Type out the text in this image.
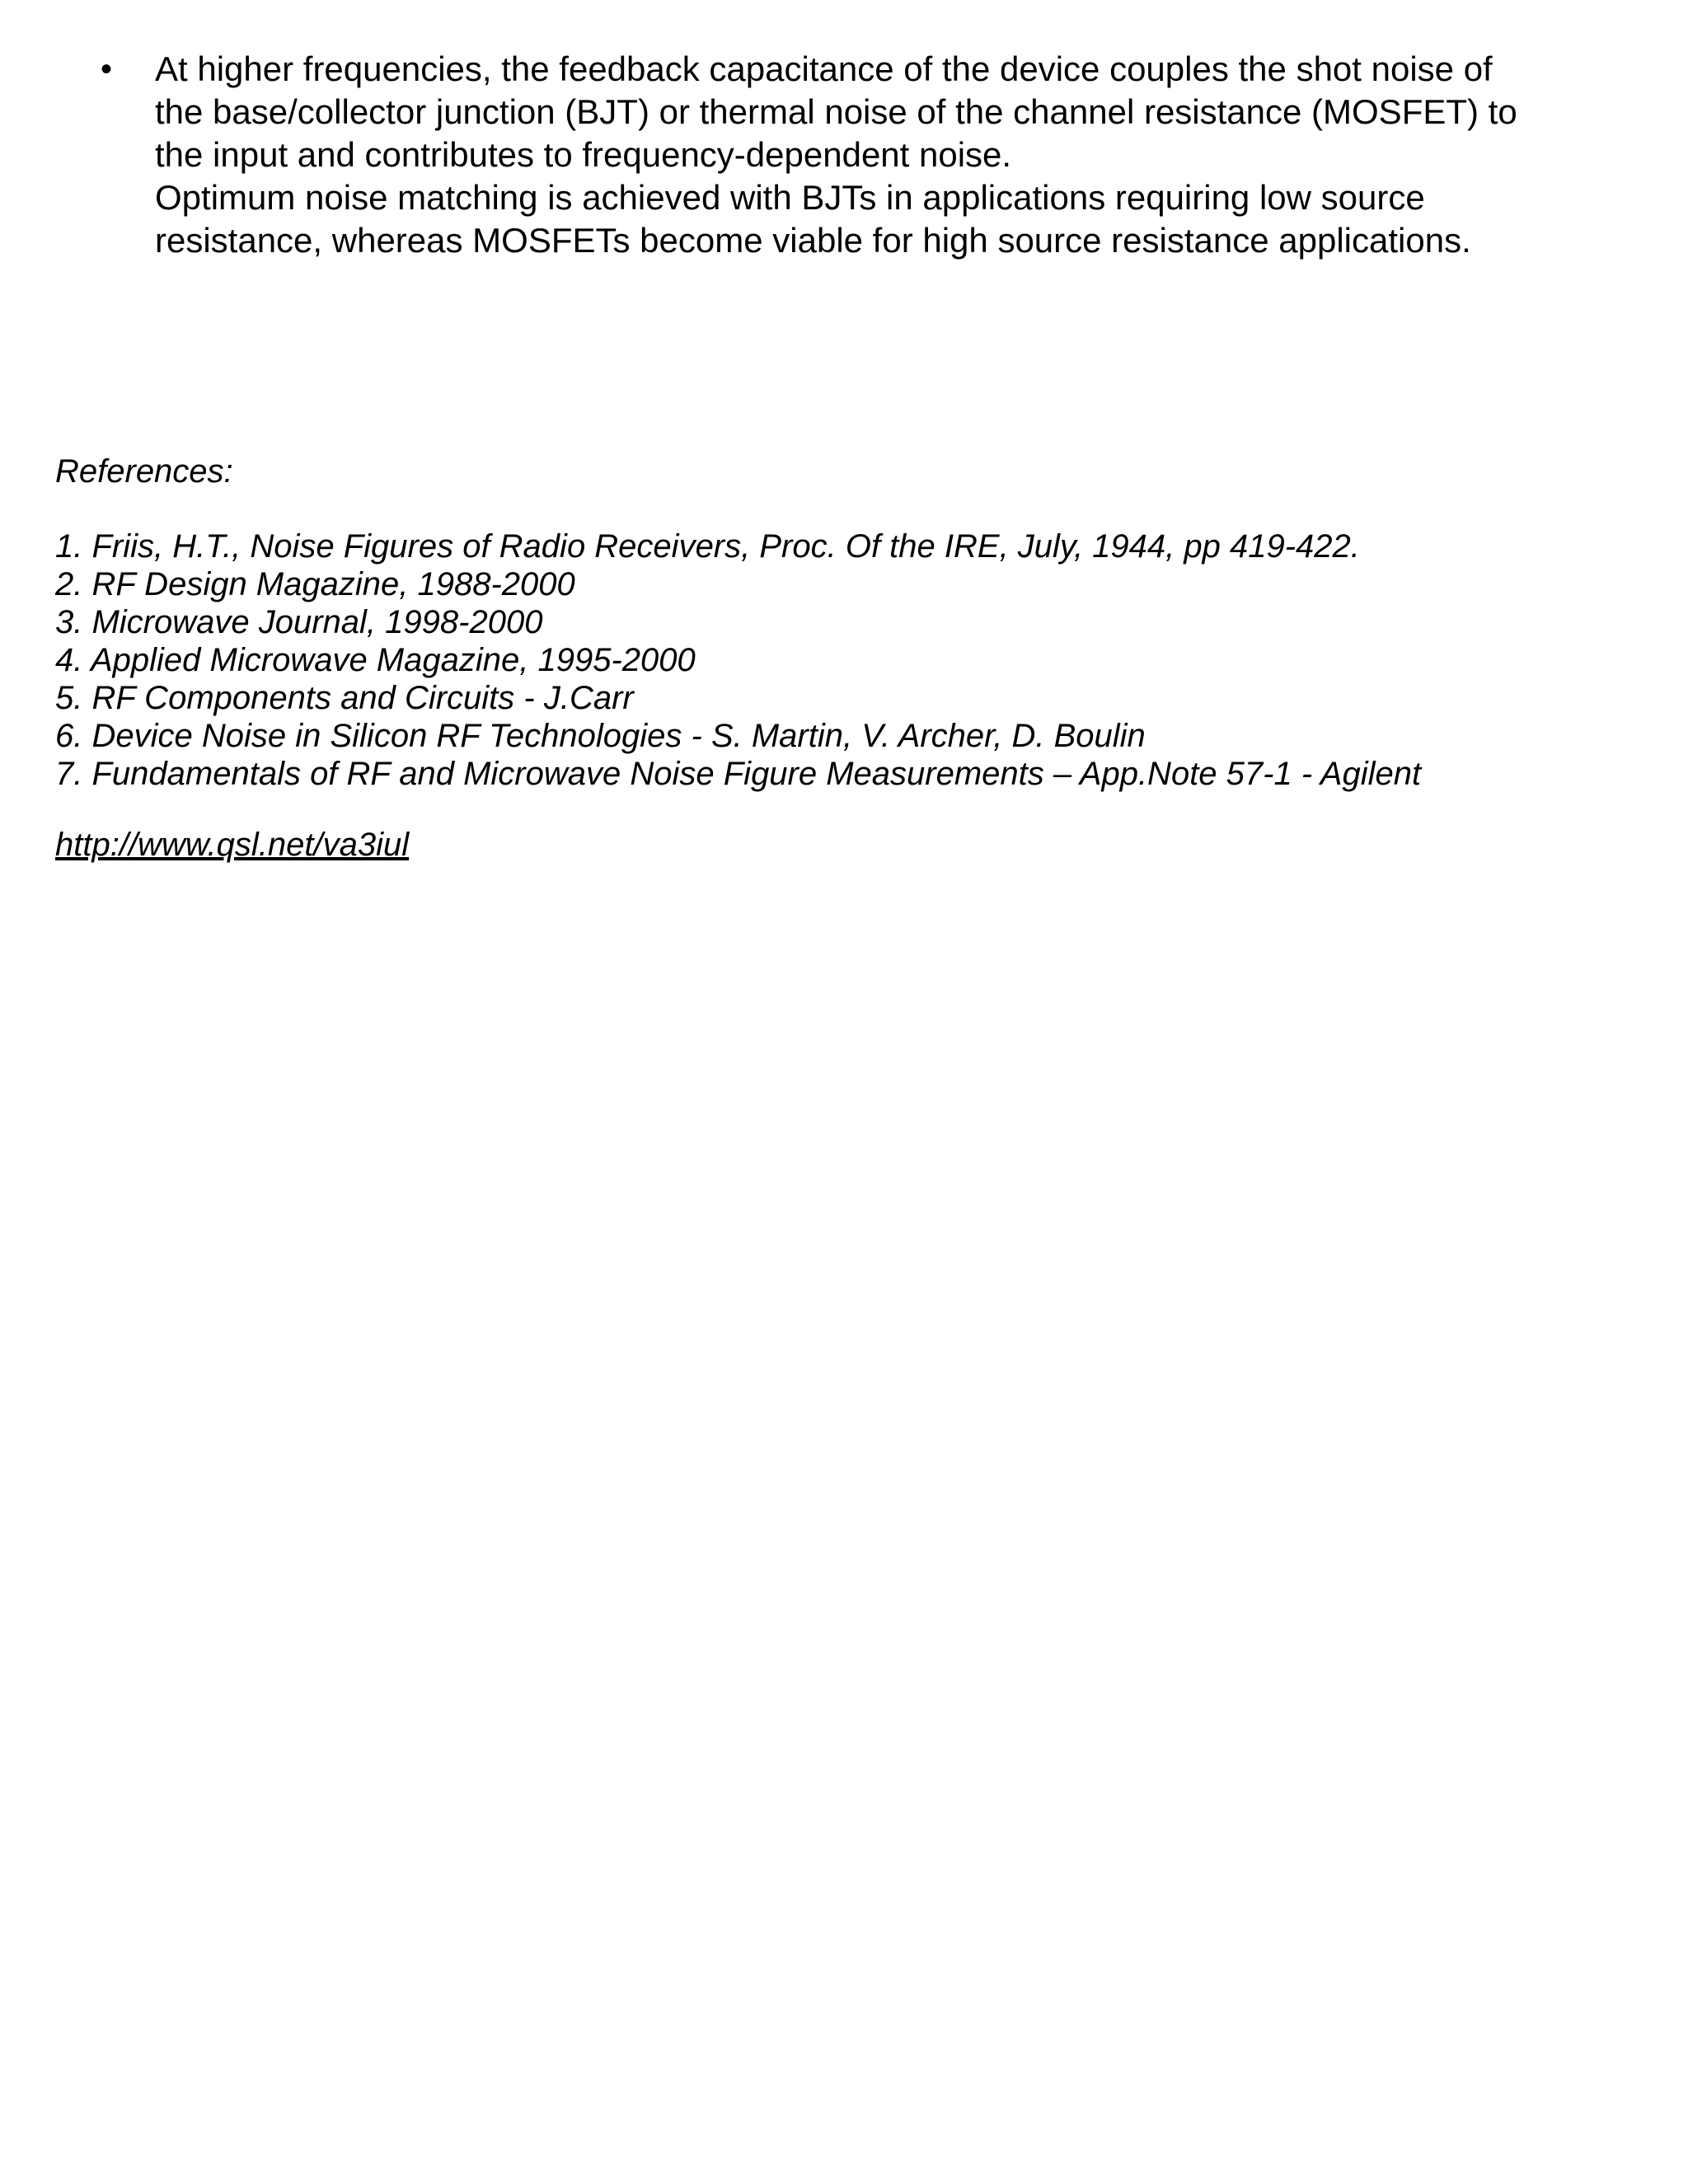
• At higher frequencies, the feedback capacitance of the device couples the shot noise of

the base/collector junction (BJT) or thermal noise of the channel resistance (MOSFET) to

the input and contributes to frequency-dependent noise.

Optimum noise matching is achieved with BJTs in applications requiring low source

resistance, whereas MOSFETs become viable for high source resistance applications.

References:

1. Friis, H.T., Noise Figures of Radio Receivers, Proc. Of the IRE, July, 1944, pp 419-422.
2. RF Design Magazine, 1988-2000
3. Microwave Journal, 1998-2000
4. Applied Microwave Magazine, 1995-2000
5. RF Components and Circuits - J.Carr
6. Device Noise in Silicon RF Technologies - S. Martin, V. Archer, D. Boulin
7. Fundamentals of RF and Microwave Noise Figure Measurements – App.Note 57-1 - Agilent
http://www.qsl.net/va3iul
